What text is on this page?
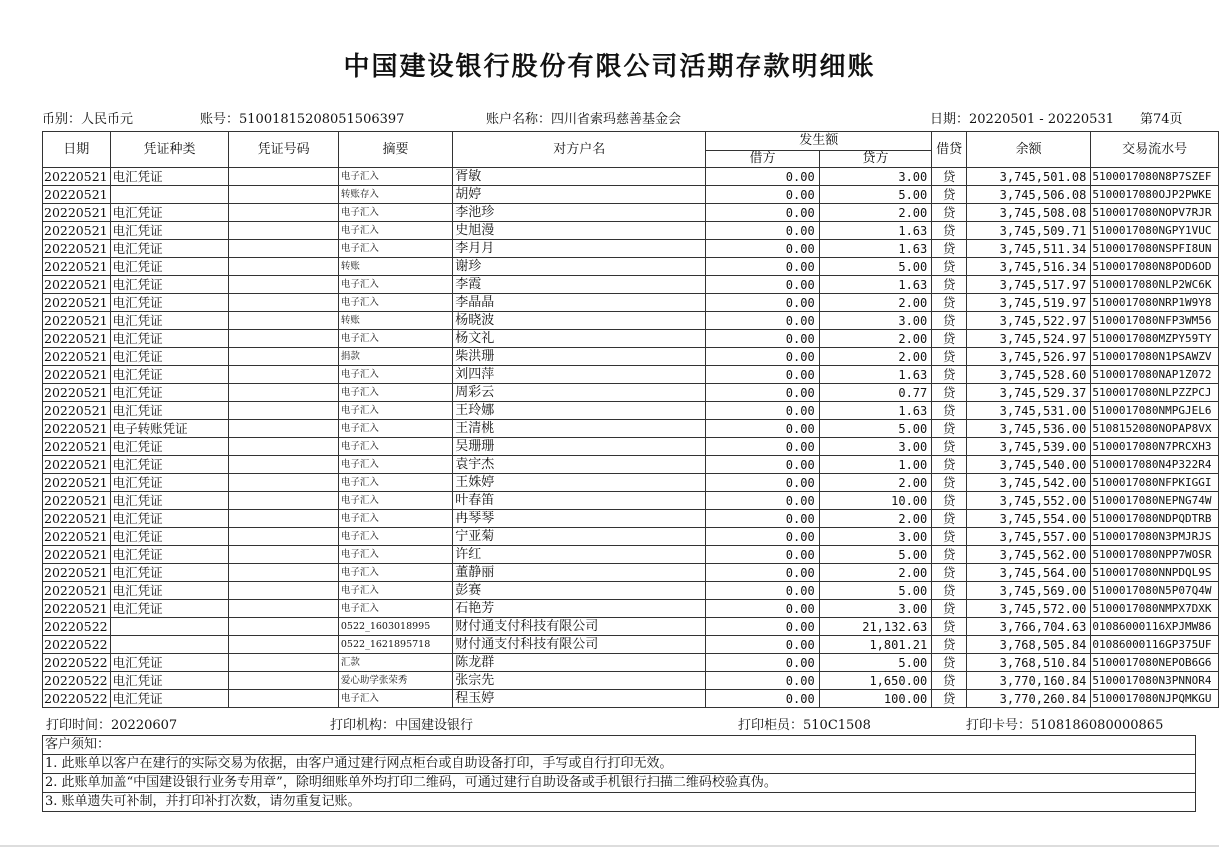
中国建设银行股份有限公司活期存款明细账
币别：人民币元	账号：51001815208051506397	账户名称：四川省索玛慈善基金会	日期：20220501 - 20220531 第74页
日期	凭证种类	凭证号码	摘要	对方户名	发生额		借贷	余额	交易流水号
					借方	贷方			
20220521	电汇凭证		电子汇入	胥敏	0.00	3.00	贷	3,745,501.08	5100017080N8P7SZEF
20220521			转账存入	胡婷	0.00	5.00	贷	3,745,506.08	5100017080OJP2PWKE
20220521	电汇凭证		电子汇入	李池珍	0.00	2.00	贷	3,745,508.08	5100017080NOPV7RJR
20220521	电汇凭证		电子汇入	史旭漫	0.00	1.63	贷	3,745,509.71	5100017080NGPY1VUC
20220521	电汇凭证		电子汇入	李月月	0.00	1.63	贷	3,745,511.34	5100017080NSPFI8UN
20220521	电汇凭证		转账	谢珍	0.00	5.00	贷	3,745,516.34	5100017080N8POD6OD
20220521	电汇凭证		电子汇入	李霞	0.00	1.63	贷	3,745,517.97	5100017080NLP2WC6K
20220521	电汇凭证		电子汇入	李晶晶	0.00	2.00	贷	3,745,519.97	5100017080NRP1W9Y8
20220521	电汇凭证		转账	杨晓波	0.00	3.00	贷	3,745,522.97	5100017080NFP3WM56
20220521	电汇凭证		电子汇入	杨文礼	0.00	2.00	贷	3,745,524.97	5100017080MZPY59TY
20220521	电汇凭证		捐款	柴洪珊	0.00	2.00	贷	3,745,526.97	5100017080N1PSAWZV
20220521	电汇凭证		电子汇入	刘四萍	0.00	1.63	贷	3,745,528.60	5100017080NAP1Z072
20220521	电汇凭证		电子汇入	周彩云	0.00	0.77	贷	3,745,529.37	5100017080NLPZZPCJ
20220521	电汇凭证		电子汇入	王玲娜	0.00	1.63	贷	3,745,531.00	5100017080NMPGJEL6
20220521	电子转账凭证		电子汇入	王清桃	0.00	5.00	贷	3,745,536.00	5108152080NOPAP8VX
20220521	电汇凭证		电子汇入	吴珊珊	0.00	3.00	贷	3,745,539.00	5100017080N7PRCXH3
20220521	电汇凭证		电子汇入	袁宇杰	0.00	1.00	贷	3,745,540.00	5100017080N4P322R4
20220521	电汇凭证		电子汇入	王姝婷	0.00	2.00	贷	3,745,542.00	5100017080NFPKIGGI
20220521	电汇凭证		电子汇入	叶春笛	0.00	10.00	贷	3,745,552.00	5100017080NEPNG74W
20220521	电汇凭证		电子汇入	冉琴琴	0.00	2.00	贷	3,745,554.00	5100017080NDPQDTRB
20220521	电汇凭证		电子汇入	宁亚菊	0.00	3.00	贷	3,745,557.00	5100017080N3PMJRJS
20220521	电汇凭证		电子汇入	许红	0.00	5.00	贷	3,745,562.00	5100017080NPP7WOSR
20220521	电汇凭证		电子汇入	董静丽	0.00	2.00	贷	3,745,564.00	5100017080NNPDQL9S
20220521	电汇凭证		电子汇入	彭赛	0.00	5.00	贷	3,745,569.00	5100017080N5P07Q4W
20220521	电汇凭证		电子汇入	石艳芳	0.00	3.00	贷	3,745,572.00	5100017080NMPX7DXK
20220522			0522_1603018995	财付通支付科技有限公司	0.00	21,132.63	贷	3,766,704.63	01086000116XPJMW86
20220522			0522_1621895718	财付通支付科技有限公司	0.00	1,801.21	贷	3,768,505.84	01086000116GP375UF
20220522	电汇凭证		汇款	陈龙群	0.00	5.00	贷	3,768,510.84	5100017080NEPOB6G6
20220522	电汇凭证		爱心助学张荣秀	张宗先	0.00	1,650.00	贷	3,770,160.84	5100017080N3PNNOR4
20220522	电汇凭证		电子汇入	程玉婷	0.00	100.00	贷	3,770,260.84	5100017080NJPQMKGU
打印时间：20220607	打印机构：中国建设银行	打印柜员：510C1508	打印卡号：5108186080000865
客户须知：
1. 此账单以客户在建行的实际交易为依据，由客户通过建行网点柜台或自助设备打印，手写或自行打印无效。
2. 此账单加盖“中国建设银行业务专用章”，除明细账单外均打印二维码，可通过建行自助设备或手机银行扫描二维码校验真伪。
3. 账单遗失可补制，并打印补打次数，请勿重复记账。
